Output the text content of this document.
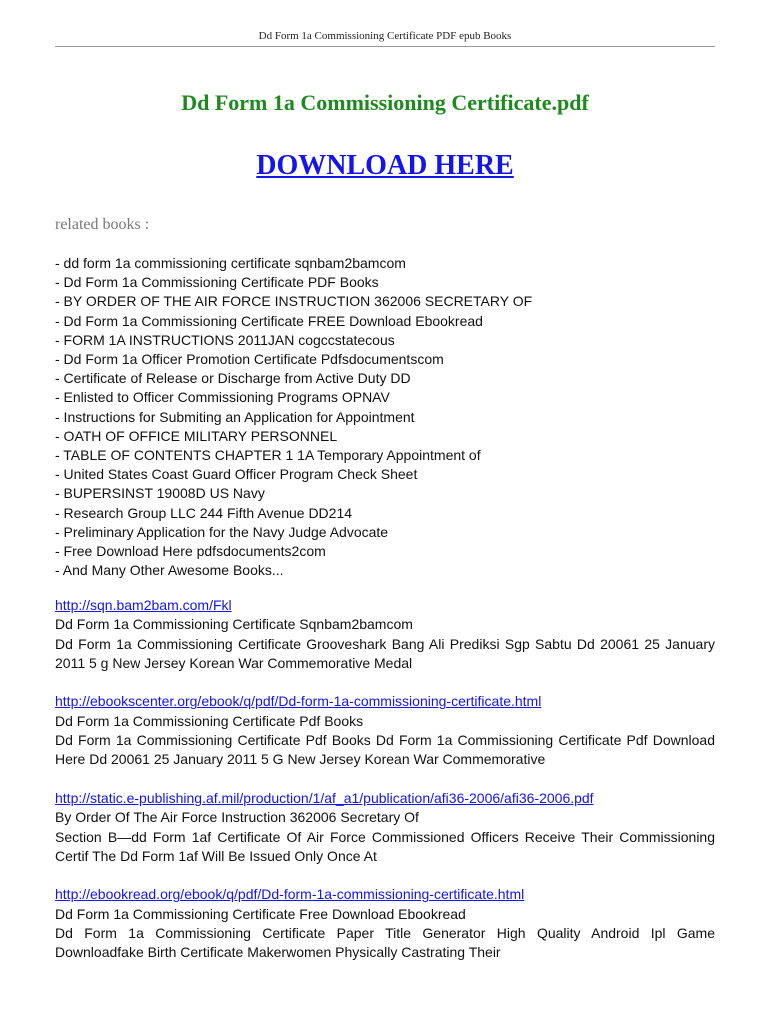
Dd Form 1a Commissioning Certificate PDF epub Books
Dd Form 1a Commissioning Certificate.pdf
DOWNLOAD HERE
related books :
- dd form 1a commissioning certificate sqnbam2bamcom
- Dd Form 1a Commissioning Certificate PDF Books
- BY ORDER OF THE AIR FORCE INSTRUCTION 362006 SECRETARY OF
- Dd Form 1a Commissioning Certificate FREE Download Ebookread
- FORM 1A INSTRUCTIONS 2011JAN cogccstatecous
- Dd Form 1a Officer Promotion Certificate Pdfsdocumentscom
- Certificate of Release or Discharge from Active Duty DD
- Enlisted to Officer Commissioning Programs OPNAV
- Instructions for Submiting an Application for Appointment
- OATH OF OFFICE MILITARY PERSONNEL
- TABLE OF CONTENTS CHAPTER 1 1A Temporary Appointment of
- United States Coast Guard Officer Program Check Sheet
- BUPERSINST 19008D US Navy
- Research Group LLC 244 Fifth Avenue DD214
- Preliminary Application for the Navy Judge Advocate
- Free Download Here pdfsdocuments2com
- And Many Other Awesome Books...
http://sqn.bam2bam.com/Fkl
Dd Form 1a Commissioning Certificate Sqnbam2bamcom
Dd Form 1a Commissioning Certificate Grooveshark Bang Ali Prediksi Sgp Sabtu Dd 20061 25 January 2011 5 g New Jersey Korean War Commemorative Medal
http://ebookscenter.org/ebook/q/pdf/Dd-form-1a-commissioning-certificate.html
Dd Form 1a Commissioning Certificate Pdf Books
Dd Form 1a Commissioning Certificate Pdf Books Dd Form 1a Commissioning Certificate Pdf Download Here Dd 20061 25 January 2011 5 G New Jersey Korean War Commemorative
http://static.e-publishing.af.mil/production/1/af_a1/publication/afi36-2006/afi36-2006.pdf
By Order Of The Air Force Instruction 362006 Secretary Of
Section B—dd Form 1af Certificate Of Air Force Commissioned Officers Receive Their Commissioning Certif The Dd Form 1af Will Be Issued Only Once At
http://ebookread.org/ebook/q/pdf/Dd-form-1a-commissioning-certificate.html
Dd Form 1a Commissioning Certificate Free Download Ebookread
Dd Form 1a Commissioning Certificate Paper Title Generator High Quality Android Ipl Game Downloadfake Birth Certificate Makerwomen Physically Castrating Their
